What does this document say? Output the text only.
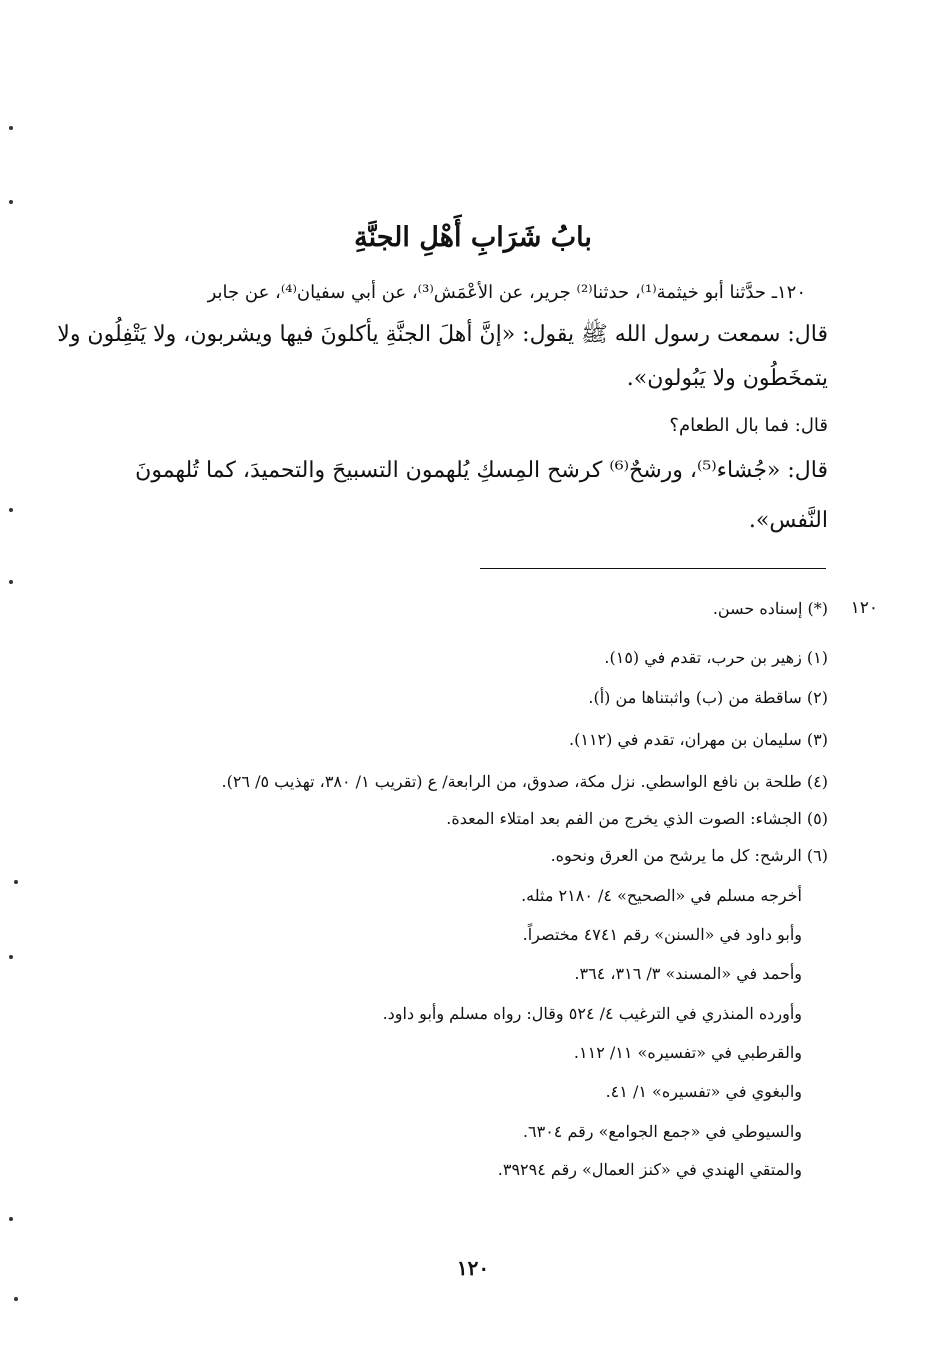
بابُ شَرَابِ أَهْلِ الجنَّةِ
١٢٠ـ حدَّثنا أبو خيثمة⁽¹⁾، حدثنا⁽²⁾ جرير، عن الأعْمَش⁽³⁾، عن أبي سفيان⁽⁴⁾، عن جابر
قال: سمعت رسول الله ﷺ يقول: «إنَّ أهلَ الجنَّةِ يأكلونَ فيها ويشربون، ولا يَتْفِلُون ولا
يتمخَطُون ولا يَبُولون».
قال: فما بال الطعام؟
قال: «جُشاء⁽⁵⁾، ورشحٌ⁽⁶⁾ كرشح المِسكِ يُلهمون التسبيحَ والتحميدَ، كما تُلهمونَ
النَّفس».
١٢٠
(*) إسناده حسن.
(١) زهير بن حرب، تقدم في (١٥).
(٢) ساقطة من (ب) واثبتناها من (أ).
(٣) سليمان بن مهران، تقدم في (١١٢).
(٤) طلحة بن نافع الواسطي. نزل مكة، صدوق، من الرابعة/ ع (تقريب ١/ ٣٨٠، تهذيب ٥/ ٢٦).
(٥) الجشاء: الصوت الذي يخرج من الفم بعد امتلاء المعدة.
(٦) الرشح: كل ما يرشح من العرق ونحوه.
أخرجه مسلم في «الصحيح» ٤/ ٢١٨٠ مثله.
وأبو داود في «السنن» رقم ٤٧٤١ مختصراً.
وأحمد في «المسند» ٣/ ٣١٦، ٣٦٤.
وأورده المنذري في الترغيب ٤/ ٥٢٤ وقال: رواه مسلم وأبو داود.
والقرطبي في «تفسيره» ١١/ ١١٢.
والبغوي في «تفسيره» ١/ ٤١.
والسيوطي في «جمع الجوامع» رقم ٦٣٠٤.
والمتقي الهندي في «كنز العمال» رقم ٣٩٢٩٤.
١٢٠
